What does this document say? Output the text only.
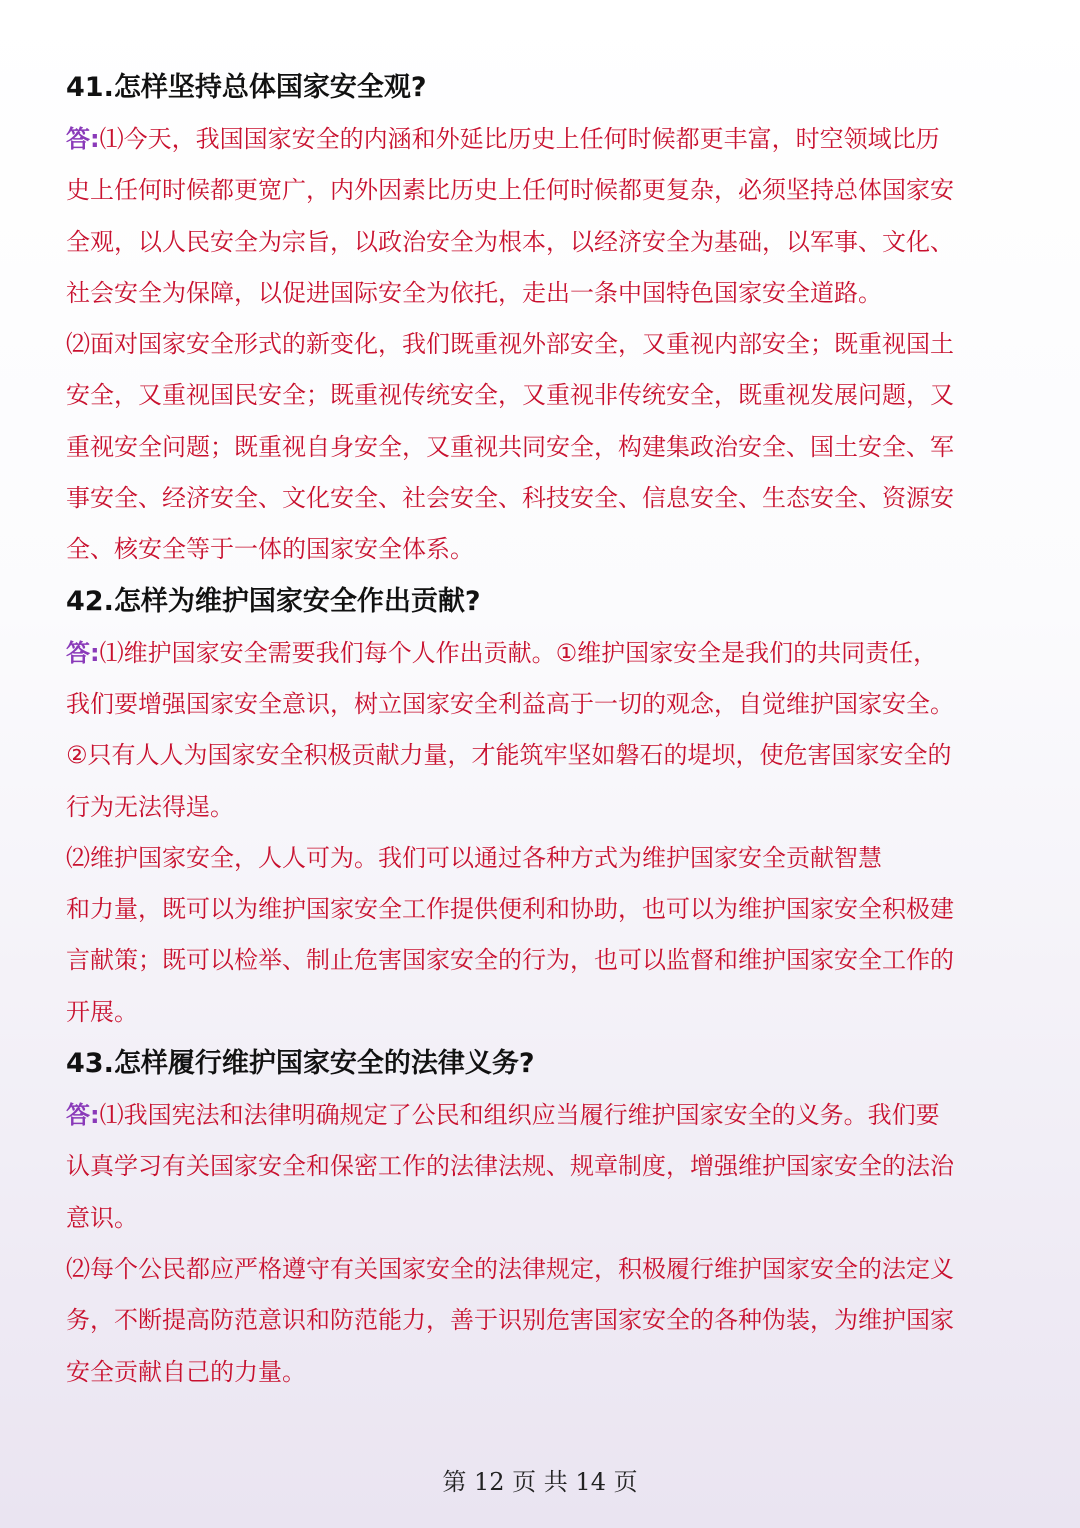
41.怎样坚持总体国家安全观?
答:⑴今天，我国国家安全的内涵和外延比历史上任何时候都更丰富，时空领域比历
史上任何时候都更宽广，内外因素比历史上任何时候都更复杂，必须坚持总体国家安
全观，以人民安全为宗旨，以政治安全为根本，以经济安全为基础，以军事、文化、
社会安全为保障，以促进国际安全为依托，走出一条中国特色国家安全道路。
⑵面对国家安全形式的新变化，我们既重视外部安全，又重视内部安全；既重视国土
安全，又重视国民安全；既重视传统安全，又重视非传统安全，既重视发展问题，又
重视安全问题；既重视自身安全，又重视共同安全，构建集政治安全、国土安全、军
事安全、经济安全、文化安全、社会安全、科技安全、信息安全、生态安全、资源安
全、核安全等于一体的国家安全体系。
42.怎样为维护国家安全作出贡献?
答:⑴维护国家安全需要我们每个人作出贡献。①维护国家安全是我们的共同责任，
我们要增强国家安全意识，树立国家安全利益高于一切的观念，自觉维护国家安全。
②只有人人为国家安全积极贡献力量，才能筑牢坚如磐石的堤坝，使危害国家安全的
行为无法得逞。
⑵维护国家安全，人人可为。我们可以通过各种方式为维护国家安全贡献智慧
和力量，既可以为维护国家安全工作提供便利和协助，也可以为维护国家安全积极建
言献策；既可以检举、制止危害国家安全的行为，也可以监督和维护国家安全工作的
开展。
43.怎样履行维护国家安全的法律义务?
答:⑴我国宪法和法律明确规定了公民和组织应当履行维护国家安全的义务。我们要
认真学习有关国家安全和保密工作的法律法规、规章制度，增强维护国家安全的法治
意识。
⑵每个公民都应严格遵守有关国家安全的法律规定，积极履行维护国家安全的法定义
务，不断提高防范意识和防范能力，善于识别危害国家安全的各种伪装，为维护国家
安全贡献自己的力量。
第 12 页 共 14 页
